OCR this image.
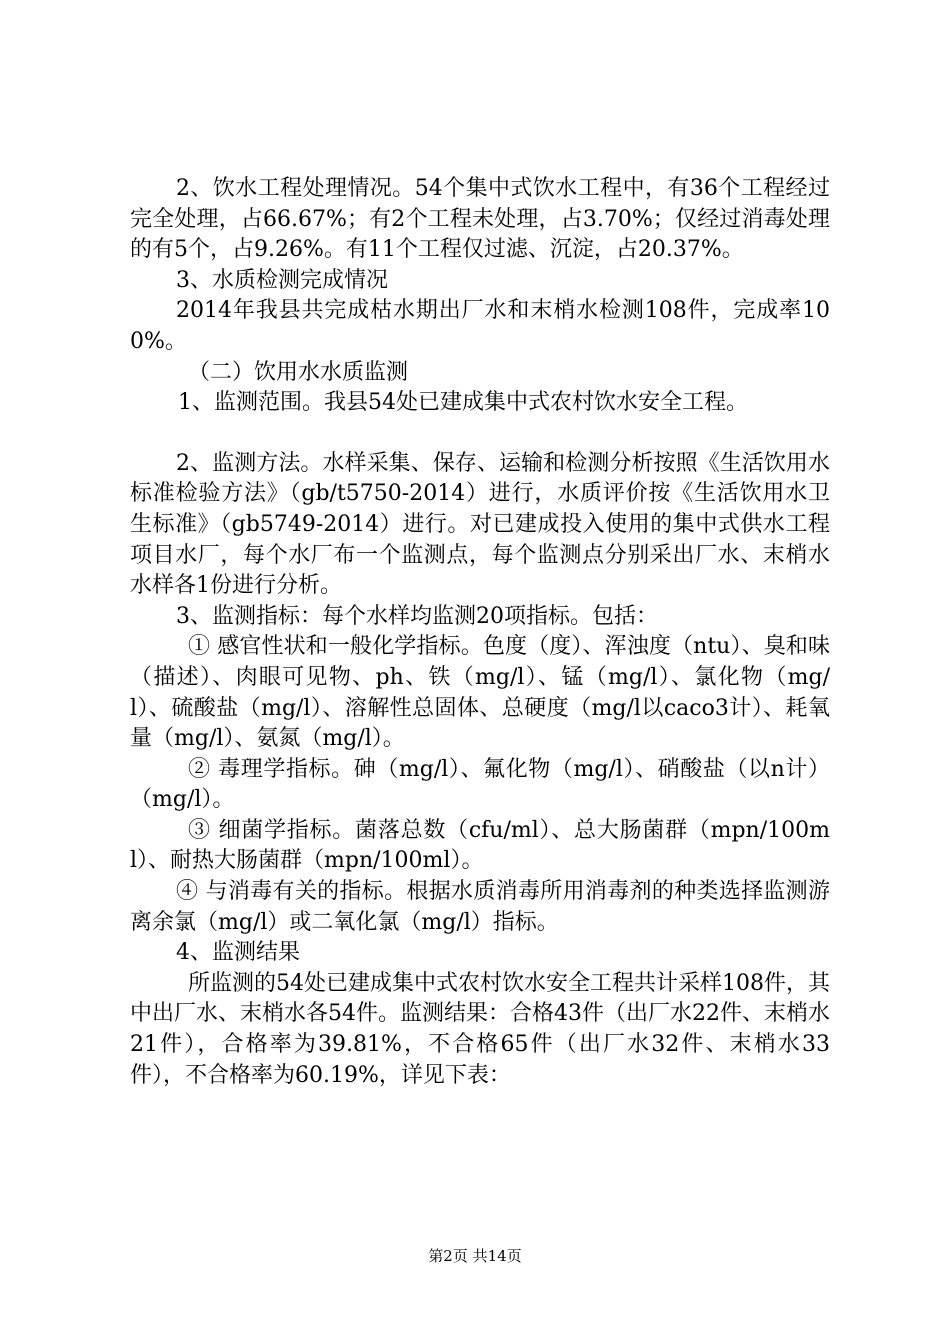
2、饮水工程处理情况。54个集中式饮水工程中，有36个工程经过完全处理，占66.67%；有2个工程未处理，占3.70%；仅经过消毒处理的有5个，占9.26%。有11个工程仅过滤、沉淀，占20.37%。

3、水质检测完成情况

2014年我县共完成枯水期出厂水和末梢水检测108件，完成率100%。

（二）饮用水水质监测

1、监测范围。我县54处已建成集中式农村饮水安全工程。

2、监测方法。水样采集、保存、运输和检测分析按照《生活饮用水标准检验方法》（gb/t5750-2014）进行，水质评价按《生活饮用水卫生标准》（gb5749-2014）进行。对已建成投入使用的集中式供水工程项目水厂，每个水厂布一个监测点，每个监测点分别采出厂水、末梢水水样各1份进行分析。

3、监测指标：每个水样均监测20项指标。包括：

① 感官性状和一般化学指标。色度（度）、浑浊度（ntu）、臭和味（描述）、肉眼可见物、ph、铁（mg/l）、锰（mg/l）、氯化物（mg/l）、硫酸盐（mg/l）、溶解性总固体、总硬度（mg/l以caco3计）、耗氧量（mg/l）、氨氮（mg/l）。

② 毒理学指标。砷（mg/l）、氟化物（mg/l）、硝酸盐（以n计）（mg/l）。

③ 细菌学指标。菌落总数（cfu/ml）、总大肠菌群（mpn/100ml）、耐热大肠菌群（mpn/100ml）。

④ 与消毒有关的指标。根据水质消毒所用消毒剂的种类选择监测游离余氯（mg/l）或二氧化氯（mg/l）指标。

4、监测结果

所监测的54处已建成集中式农村饮水安全工程共计采样108件，其中出厂水、末梢水各54件。监测结果：合格43件（出厂水22件、末梢水21件），合格率为39.81%，不合格65件（出厂水32件、末梢水33件），不合格率为60.19%，详见下表：

第2页 共14页
